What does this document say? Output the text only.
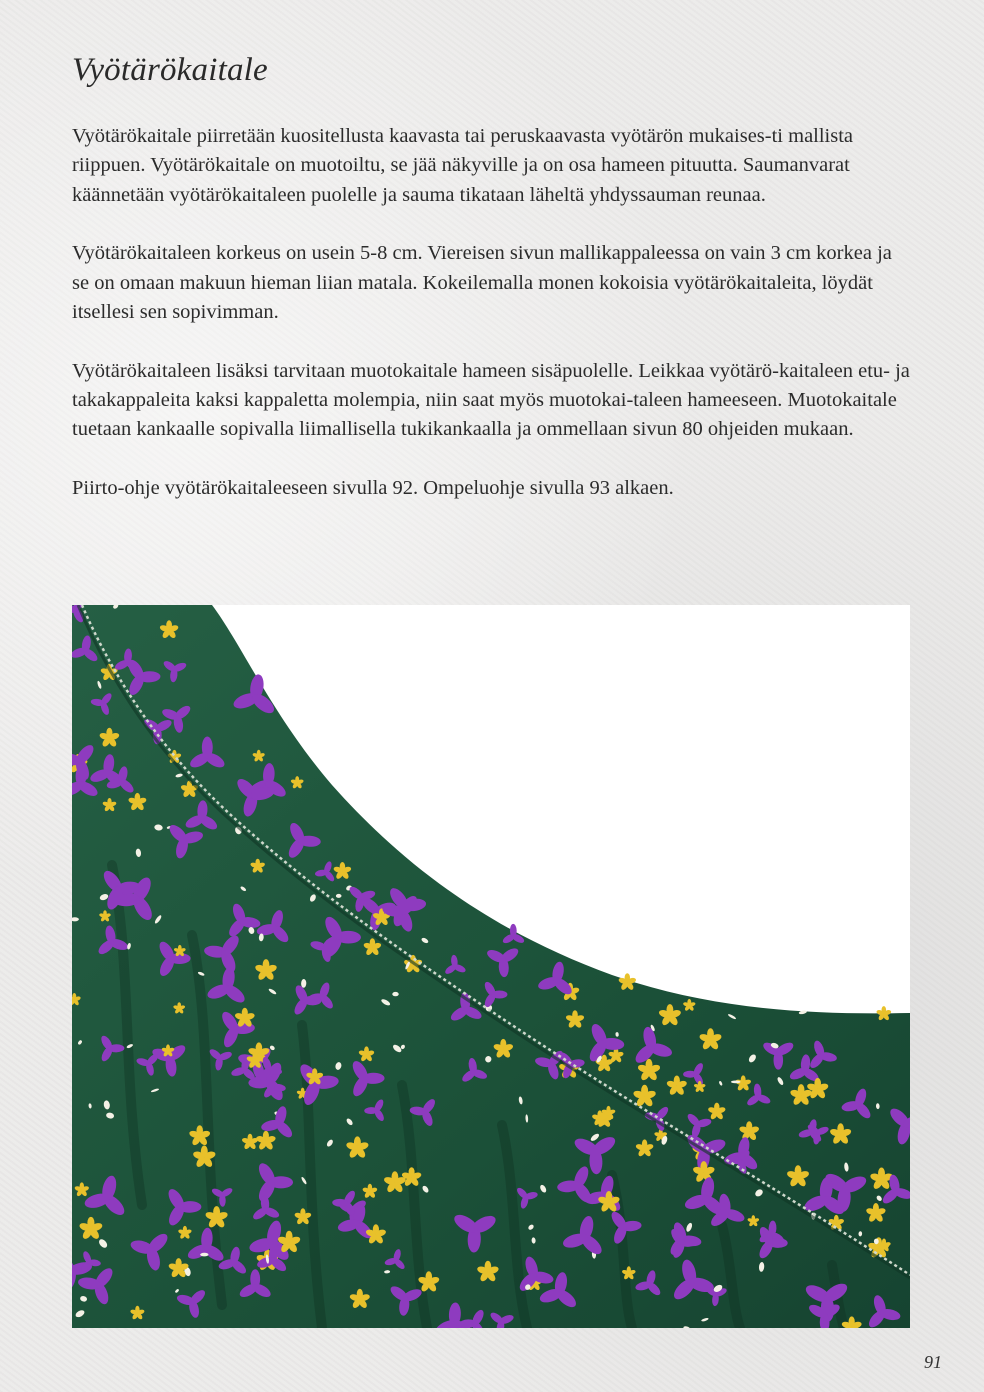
Vyötärökaitale

Vyötärökaitale piirretään kuositellusta kaavasta tai peruskaavasta vyötärön mukaises-ti mallista riippuen. Vyötärökaitale on muotoiltu, se jää näkyville ja on osa hameen pituutta. Saumanvarat käännetään vyötärökaitaleen puolelle ja sauma tikataan läheltä yhdyssauman reunaa.

Vyötärökaitaleen korkeus on usein 5-8 cm. Viereisen sivun mallikappaleessa on vain 3 cm korkea ja se on omaan makuun hieman liian matala. Kokeilemalla monen kokoisia vyötärökaitaleita, löydät itsellesi sen sopivimman.

Vyötärökaitaleen lisäksi tarvitaan muotokaitale hameen sisäpuolelle. Leikkaa vyötärö-kaitaleen etu- ja takakappaleita kaksi kappaletta molempia, niin saat myös muotokai-taleen hameeseen. Muotokaitale tuetaan kankaalle sopivalla liimallisella tukikankaalla ja ommellaan sivun 80 ohjeiden mukaan.

Piirto-ohje vyötärökaitaleeseen sivulla 92. Ompeluohje sivulla 93 alkaen.

91
